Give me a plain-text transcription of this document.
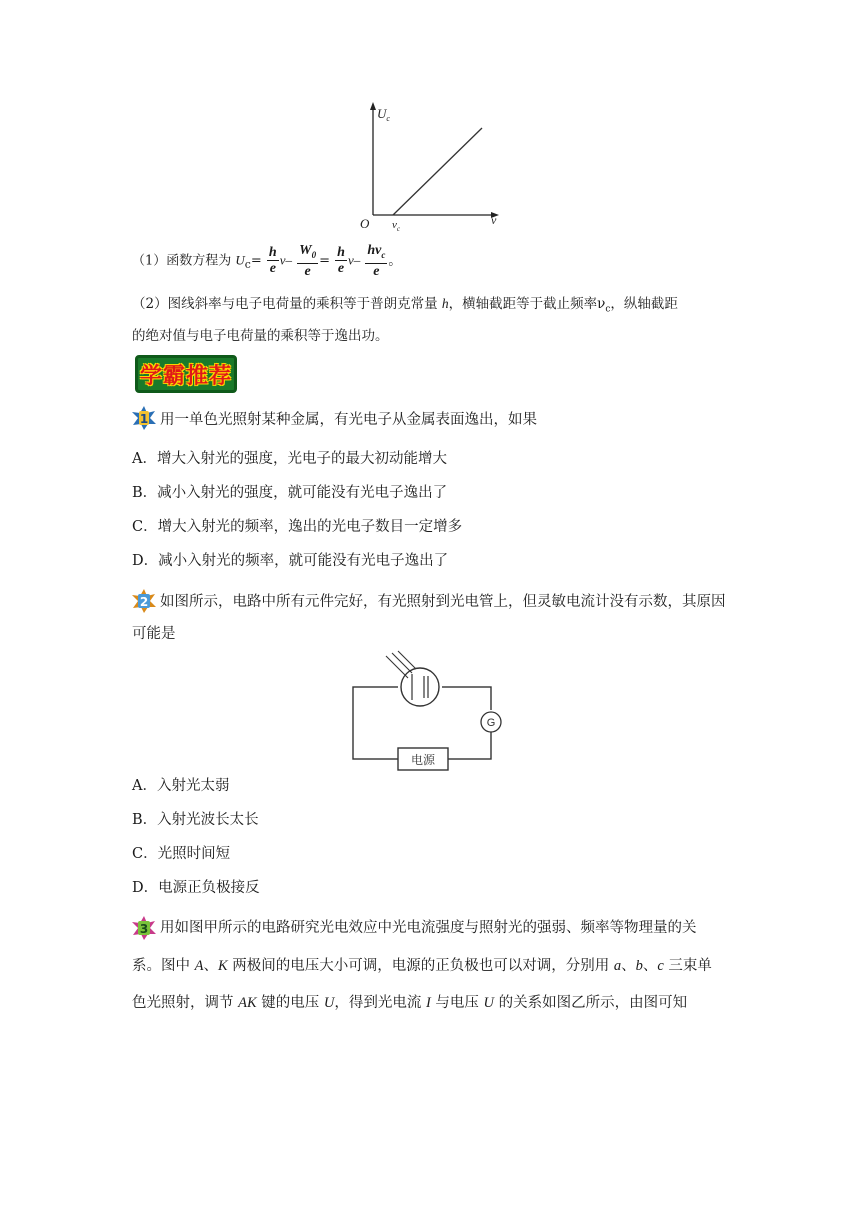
$U_c$
ν
O $\nu_c$
（1）函数方程为 $U_c= \frac{h}{e} \nu- \frac{W_0}{e} = \frac{h}{e} \nu- \frac{h\nu_c}{e}$ 。
（2）图线斜率与电子电荷量的乘积等于普朗克常量 h，横轴截距等于截止频率$\nu_c$，纵轴截距
的绝对值与电子电荷量的乘积等于逸出功。
学霸推荐
1 用一单色光照射某种金属，有光电子从金属表面逸出，如果
A．增大入射光的强度，光电子的最大初动能增大
B．减小入射光的强度，就可能没有光电子逸出了
C．增大入射光的频率，逸出的光电子数目一定增多
D．减小入射光的频率，就可能没有光电子逸出了
2 如图所示，电路中所有元件完好，有光照射到光电管上，但灵敏电流计没有示数，其原因可能是
G
电源
A．入射光太弱
B．入射光波长太长
C．光照时间短
D．电源正负极接反
3 用如图甲所示的电路研究光电效应中光电流强度与照射光的强弱、频率等物理量的关
系。图中 A、K 两极间的电压大小可调，电源的正负极也可以对调，分别用 a、b、c 三束单
色光照射，调节 AK 键的电压 U，得到光电流 I 与电压 U 的关系如图乙所示，由图可知
